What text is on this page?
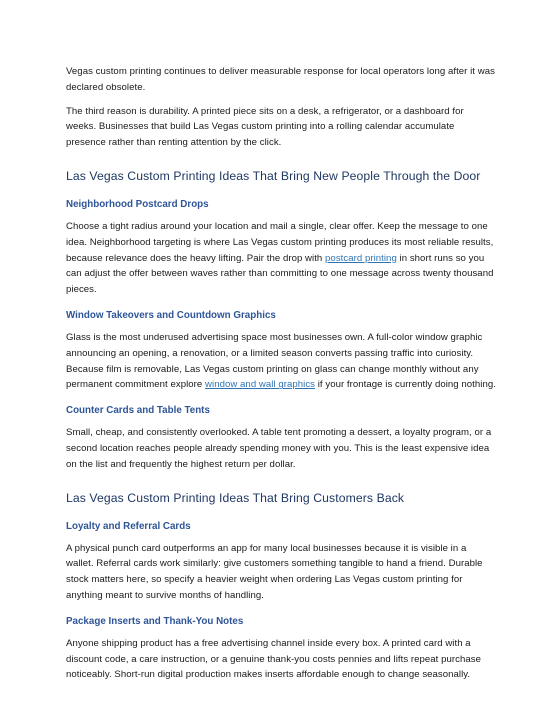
Vegas custom printing continues to deliver measurable response for local operators long after it was declared obsolete.

The third reason is durability. A printed piece sits on a desk, a refrigerator, or a dashboard for weeks. Businesses that build Las Vegas custom printing into a rolling calendar accumulate presence rather than renting attention by the click.

Las Vegas Custom Printing Ideas That Bring New People Through the Door
Neighborhood Postcard Drops

Choose a tight radius around your location and mail a single, clear offer. Keep the message to one idea. Neighborhood targeting is where Las Vegas custom printing produces its most reliable results, because relevance does the heavy lifting. Pair the drop with postcard printing in short runs so you can adjust the offer between waves rather than committing to one message across twenty thousand pieces.

Window Takeovers and Countdown Graphics

Glass is the most underused advertising space most businesses own. A full-color window graphic announcing an opening, a renovation, or a limited season converts passing traffic into curiosity. Because film is removable, Las Vegas custom printing on glass can change monthly without any permanent commitment explore window and wall graphics if your frontage is currently doing nothing.

Counter Cards and Table Tents

Small, cheap, and consistently overlooked. A table tent promoting a dessert, a loyalty program, or a second location reaches people already spending money with you. This is the least expensive idea on the list and frequently the highest return per dollar.

Las Vegas Custom Printing Ideas That Bring Customers Back
Loyalty and Referral Cards

A physical punch card outperforms an app for many local businesses because it is visible in a wallet. Referral cards work similarly: give customers something tangible to hand a friend. Durable stock matters here, so specify a heavier weight when ordering Las Vegas custom printing for anything meant to survive months of handling.

Package Inserts and Thank-You Notes

Anyone shipping product has a free advertising channel inside every box. A printed card with a discount code, a care instruction, or a genuine thank-you costs pennies and lifts repeat purchase noticeably. Short-run digital production makes inserts affordable enough to change seasonally.
